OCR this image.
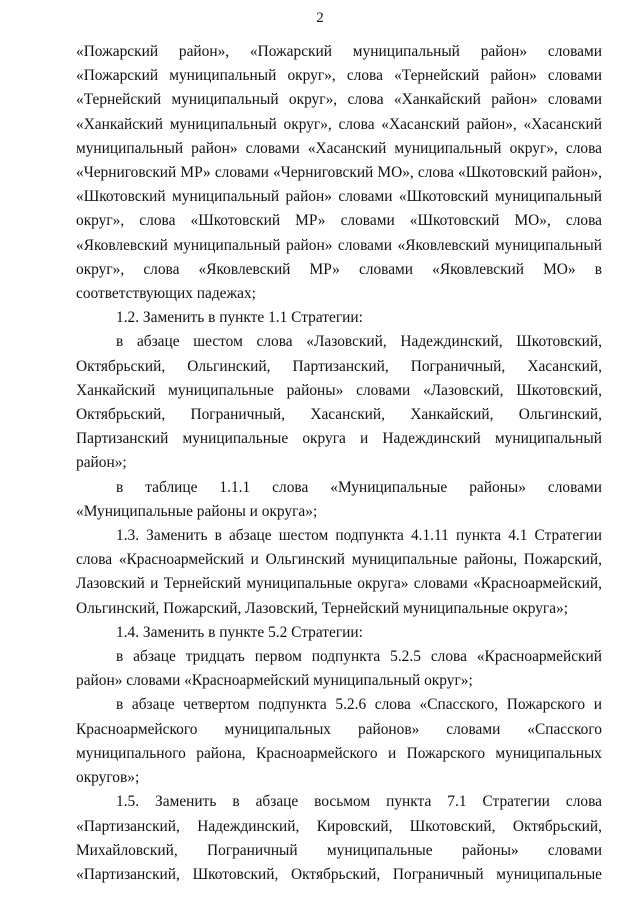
2

«Пожарский район», «Пожарский муниципальный район» словами «Пожарский муниципальный округ», слова «Тернейский район» словами «Тернейский муниципальный округ», слова «Ханкайский район» словами «Ханкайский муниципальный округ», слова «Хасанский район», «Хасанский муниципальный район» словами «Хасанский муниципальный округ», слова «Черниговский МР» словами «Черниговский МО», слова «Шкотовский район», «Шкотовский муниципальный район» словами «Шкотовский муниципальный округ», слова «Шкотовский МР» словами «Шкотовский МО», слова «Яковлевский муниципальный район» словами «Яковлевский муниципальный округ», слова «Яковлевский МР» словами «Яковлевский МО» в соответствующих падежах;

1.2. Заменить в пункте 1.1 Стратегии:

в абзаце шестом слова «Лазовский, Надеждинский, Шкотовский, Октябрьский, Ольгинский, Партизанский, Пограничный, Хасанский, Ханкайский муниципальные районы» словами «Лазовский, Шкотовский, Октябрьский, Пограничный, Хасанский, Ханкайский, Ольгинский, Партизанский муниципальные округа и Надеждинский муниципальный район»;

в таблице 1.1.1 слова «Муниципальные районы» словами «Муниципальные районы и округа»;

1.3. Заменить в абзаце шестом подпункта 4.1.11 пункта 4.1 Стратегии слова «Красноармейский и Ольгинский муниципальные районы, Пожарский, Лазовский и Тернейский муниципальные округа» словами «Красноармейский, Ольгинский, Пожарский, Лазовский, Тернейский муниципальные округа»;

1.4. Заменить в пункте 5.2 Стратегии:

в абзаце тридцать первом подпункта 5.2.5 слова «Красноармейский район» словами «Красноармейский муниципальный округ»;

в абзаце четвертом подпункта 5.2.6 слова «Спасского, Пожарского и Красноармейского муниципальных районов» словами «Спасского муниципального района, Красноармейского и Пожарского муниципальных округов»;

1.5. Заменить в абзаце восьмом пункта 7.1 Стратегии слова «Партизанский, Надеждинский, Кировский, Шкотовский, Октябрьский, Михайловский, Пограничный муниципальные районы» словами «Партизанский, Шкотовский, Октябрьский, Пограничный муниципальные
